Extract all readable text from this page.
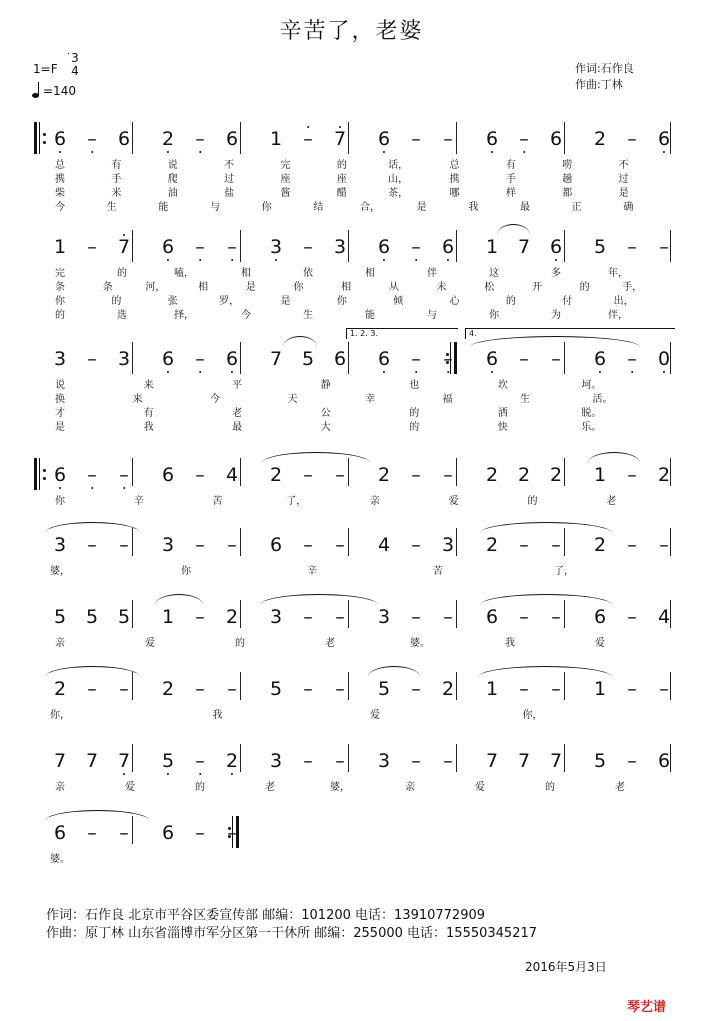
辛苦了，老婆
1=F
3
4
=140
作词:石作良
作曲:丁林
6 – 6 2 – 6 1 – 7 6 – – 6 – 6 2 – 6
总	有	说	不	完	的	话，	总	有	唠	不
携	手	爬	过	座	座	山，	携	手	趟	过
柴	米	油	盐	酱	醋	茶，	哪	样	都	是
今	生	能	与	你	结	合，	是	我	最	正	确
1 – 7 6 – – 3 – 3 6 – 6 1 7 6 5 – –
完	的	嗑，	相	依	相	伴	这	多	年，
条	条	河，	相	是	你	相	从	未	松	开	的	手，
你	的	张	罗，	是	你	倾	心	的	付	出，
的	选	择，	今	生	能	与	你	为	伴，
1. 2. 3.	4.
3 – 3 6 – 6 7 5 6 6 – – 6 – – 6 – 0
说	来	平	静	也	坎	坷。
换	来	今	天	幸	福	生	活。
才	有	老	公	的	洒	脱。
是	我	最	大	的	快	乐。
6 – – 6 – 4 2 – – 2 – – 2 2 2 1 – 2
你	辛	苦	了，	亲	爱	的	老
3 – – 3 – – 6 – – 4 – 3 2 – – 2 – –
婆，	你	辛	苦	了，
5 5 5 1 – 2 3 – – 3 – – 6 – – 6 – 4
亲	爱	的	老	婆。	我	爱
2 – – 2 – – 5 – – 5 – 2 1 – – 1 – –
你，	我	爱	你，
7 7 7 5 – 2 3 – – 3 – – 7 7 7 5 – 6
亲	爱	的	老	婆，	亲	爱	的	老
6 – – 6 – –
婆。
作词：石作良 北京市平谷区委宣传部 邮编：101200 电话：13910772909
作曲：原丁林 山东省淄博市军分区第一干休所 邮编：255000 电话：15550345217
2016年5月3日
琴艺谱
